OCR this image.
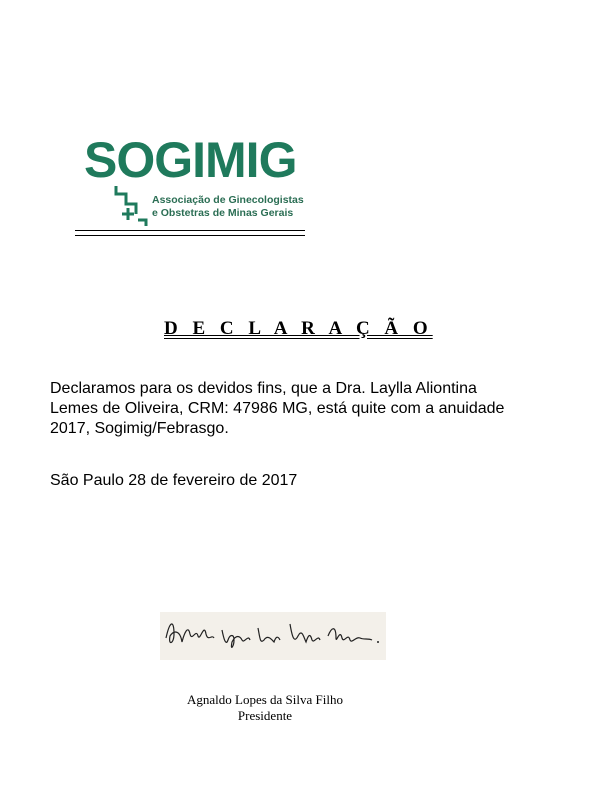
SOGIMIG
Associação de Ginecologistas
e Obstetras de Minas Gerais
D E C L A R A Ç Ã O
Declaramos para os devidos fins, que a Dra. Laylla Aliontina Lemes de Oliveira, CRM: 47986 MG, está quite com a anuidade 2017, Sogimig/Febrasgo.
São Paulo 28 de fevereiro de 2017
Agnaldo Lopes da Silva Filho
Presidente
